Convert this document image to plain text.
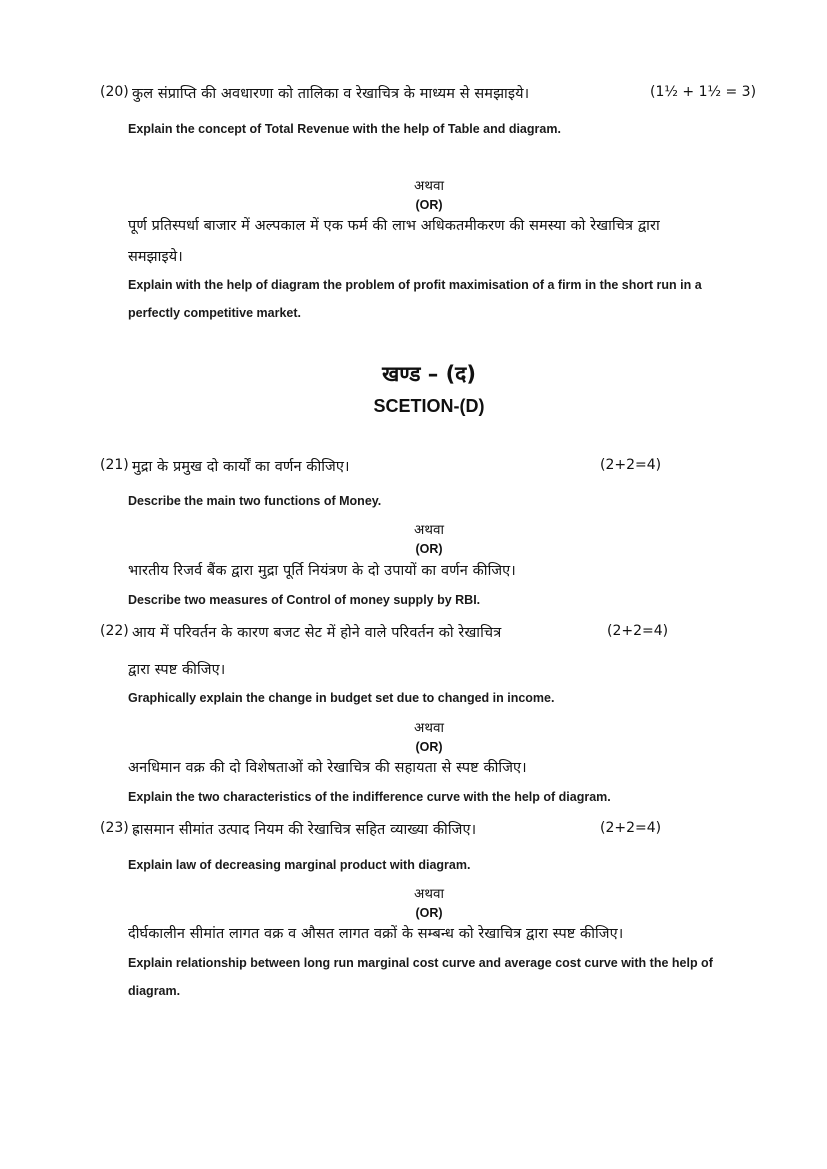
(20) कुल संप्राप्ति की अवधारणा को तालिका व रेखाचित्र के माध्यम से समझाइये।	(1½ + 1½ = 3)

Explain the concept of Total Revenue with the help of Table and diagram.

अथवा

(OR)

पूर्ण प्रतिस्पर्धा बाजार में अल्पकाल में एक फर्म की लाभ अधिकतमीकरण की समस्या को रेखाचित्र द्वारा

समझाइये।

Explain with the help of diagram the problem of profit maximisation of a firm in the short run in a

perfectly competitive market.

खण्ड – (द)

SCETION-(D)

(21) मुद्रा के प्रमुख दो कार्यों का वर्णन कीजिए।	(2+2=4)

Describe the main two functions of Money.

अथवा

(OR)

भारतीय रिजर्व बैंक द्वारा मुद्रा पूर्ति नियंत्रण के दो उपायों का वर्णन कीजिए।

Describe two measures of Control of money supply by RBI.

(22) आय में परिवर्तन के कारण बजट सेट में होने वाले परिवर्तन को रेखाचित्र	(2+2=4)

द्वारा स्पष्ट कीजिए।

Graphically explain the change in budget set due to changed in income.

अथवा

(OR)

अनधिमान वक्र की दो विशेषताओं को रेखाचित्र की सहायता से स्पष्ट कीजिए।

Explain the two characteristics of the indifference curve with the help of diagram.

(23) ह्रासमान सीमांत उत्पाद नियम की रेखाचित्र सहित व्याख्या कीजिए।	(2+2=4)

Explain law of decreasing marginal product with diagram.

अथवा

(OR)

दीर्घकालीन सीमांत लागत वक्र व औसत लागत वक्रों के सम्बन्ध को रेखाचित्र द्वारा स्पष्ट कीजिए।

Explain relationship between long run marginal cost curve and average cost curve with the help of

diagram.
